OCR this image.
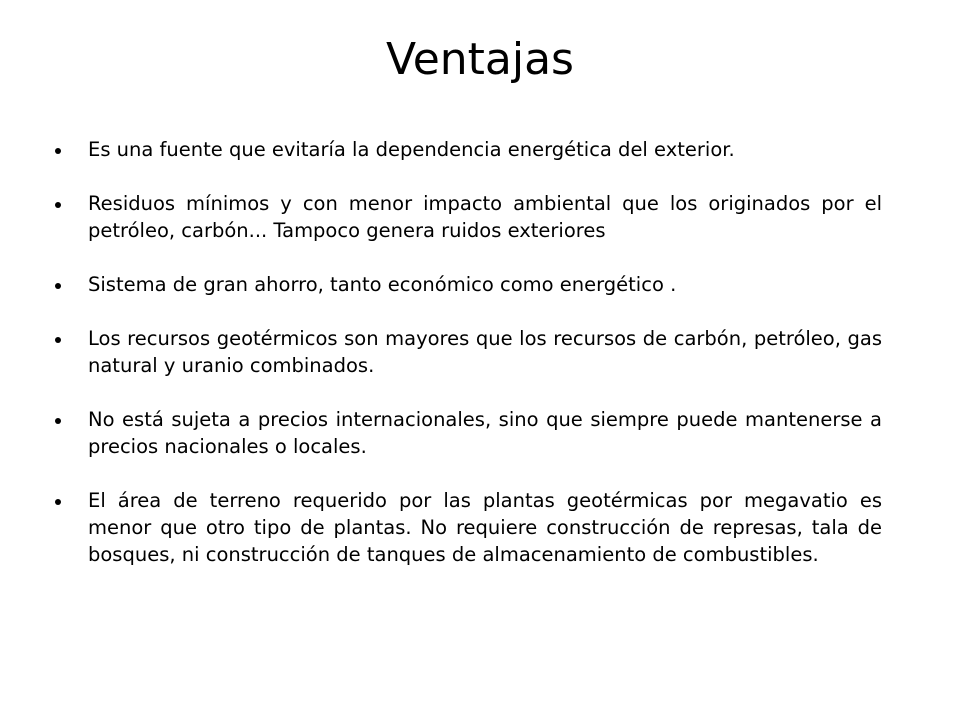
Ventajas
Es una fuente que evitaría la dependencia energética del exterior.
Residuos mínimos y con menor impacto ambiental que los originados por el petróleo, carbón... Tampoco genera ruidos exteriores
Sistema de gran ahorro, tanto económico como energético .
Los recursos geotérmicos son mayores que los recursos de carbón, petróleo, gas natural y uranio combinados.
No está sujeta a precios internacionales, sino que siempre puede mantenerse a precios nacionales o locales.
El área de terreno requerido por las plantas geotérmicas por megavatio es menor que otro tipo de plantas. No requiere construcción de represas, tala de bosques, ni construcción de tanques de almacenamiento de combustibles.
